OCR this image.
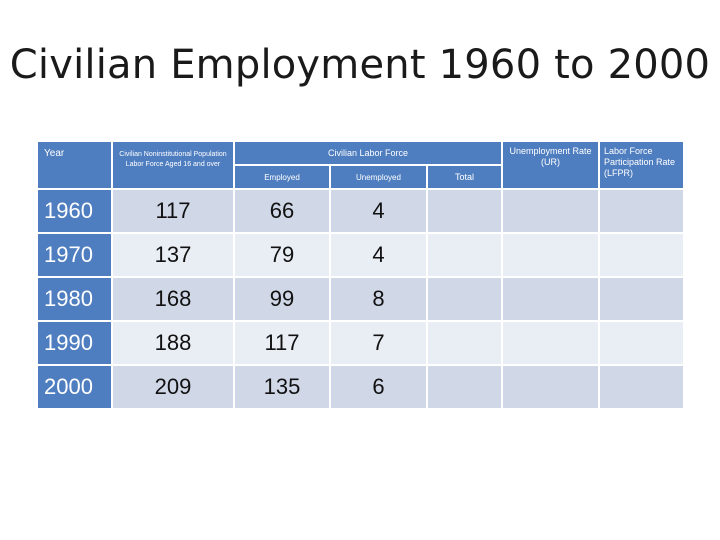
Civilian Employment 1960 to 2000
Year	Civilian Noninstitutional Population Labor Force Aged 16 and over	Civilian Labor Force			Unemployment Rate (UR)	Labor Force Participation Rate (LFPR)
		Employed	Unemployed	Total		
1960	117	66	4			
1970	137	79	4			
1980	168	99	8			
1990	188	117	7			
2000	209	135	6			
